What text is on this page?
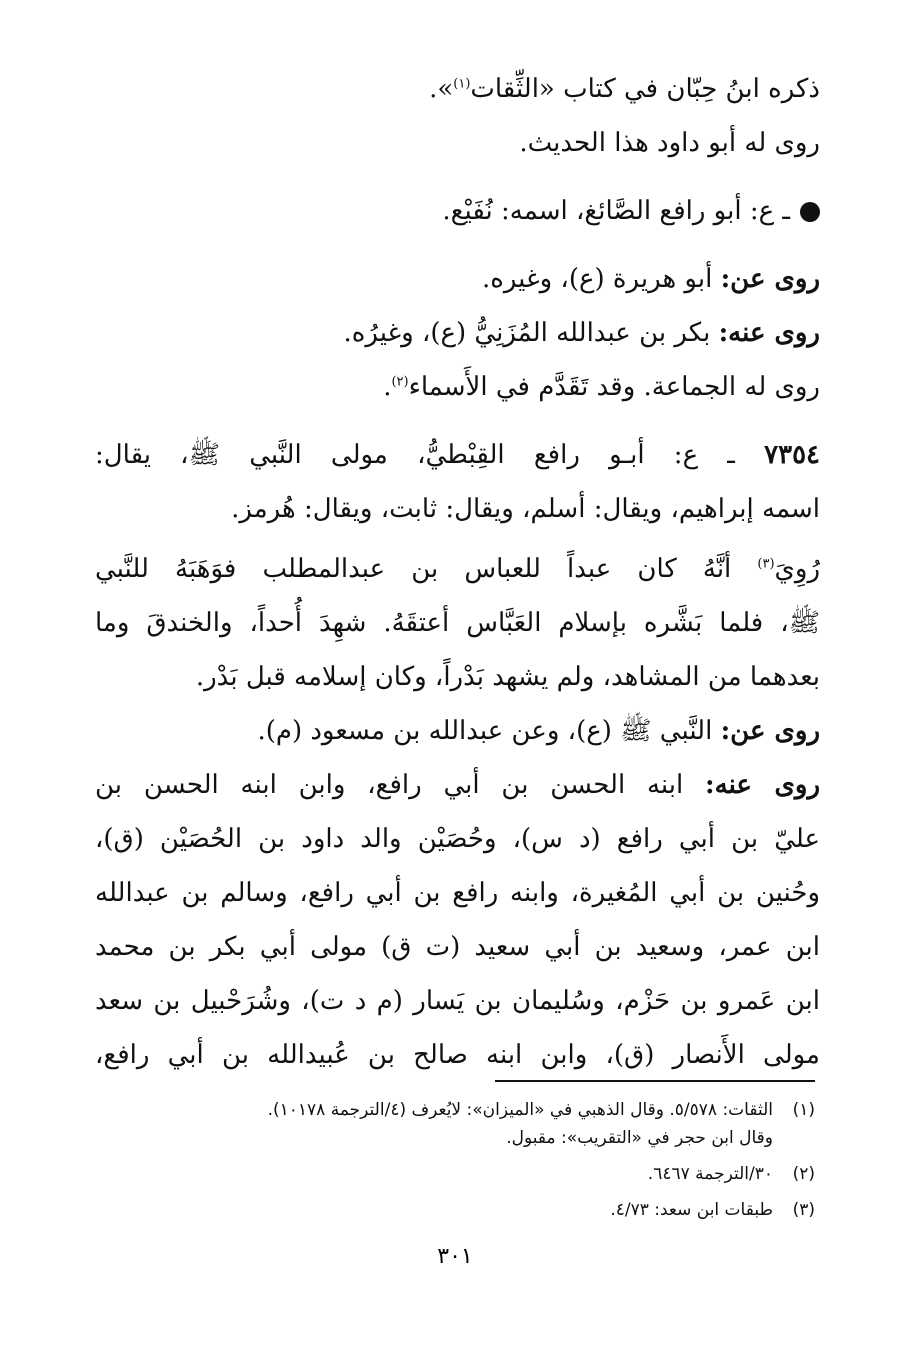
ذكره ابنُ حِبّان في كتاب «الثِّقات$^{(١)}$».
روى له أبو داود هذا الحديث.
ـ ع: أبو رافع الصَّائغ، اسمه: نُفَيْع.
روى عن: أبو هريرة (ع)، وغيره.
روى عنه: بكر بن عبدالله المُزَنِيُّ (ع)، وغيرُه.
روى له الجماعة. وقد تَقَدَّم في الأَسماء$^{(٢)}$.
٧٣٥٤ ـ ع: أبـو رافع القِبْطيُّ، مولى النَّبي ﷺ، يقال:
اسمه إبراهيم، ويقال: أسلم، ويقال: ثابت، ويقال: هُرمز.
رُوِيَ$^{(٣)}$ أنَّهُ كان عبداً للعباس بن عبدالمطلب فوَهَبَهُ للنَّبي
ﷺ، فلما بَشَّره بإسلام العَبَّاس أعتقَهُ. شهِدَ أُحداً، والخندقَ وما
بعدهما من المشاهد، ولم يشهد بَدْراً، وكان إسلامه قبل بَدْر.
روى عن: النَّبي ﷺ (ع)، وعن عبدالله بن مسعود (م).
روى عنه: ابنه الحسن بن أبي رافع، وابن ابنه الحسن بن
عليّ بن أبي رافع (د س)، وحُصَيْن والد داود بن الحُصَيْن (ق)،
وحُنين بن أبي المُغيرة، وابنه رافع بن أبي رافع، وسالم بن عبدالله
ابن عمر، وسعيد بن أبي سعيد (ت ق) مولى أبي بكر بن محمد
ابن عَمرو بن حَزْم، وسُليمان بن يَسار (م د ت)، وشُرَحْبيل بن سعد
مولى الأَنصار (ق)، وابن ابنه صالح بن عُبيدالله بن أبي رافع،
(١)
الثقات: ٥/٥٧٨. وقال الذهبي في «الميزان»: لايُعرف (٤/الترجمة ١٠١٧٨).
وقال ابن حجر في «التقريب»: مقبول.
(٢)
٣٠/الترجمة ٦٤٦٧.
(٣)
طبقات ابن سعد: ٤/٧٣.
٣٠١
